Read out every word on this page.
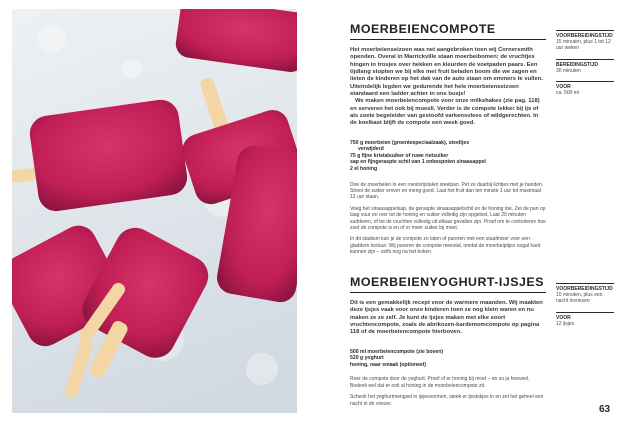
MOERBEIENCOMPOTE

Het moerbeienseizoen was net aangebroken toen wij Cornersmith openden. Overal in Marrickville staan moerbeibomen; de vruchtjes hingen in trosjes over hekken en kleurden de voetpaden paars. Een tijdlang stopten we bij elke met fruit beladen boom die we zagen en lieten de kinderen op het dak van de auto staan om emmers te vullen. Uiteindelijk legden we gedurende het hele moerbeienseizoen standaard een ladder achter in ons busje!

We maken moerbeiencompote voor onze milkshakes (zie pag. 118) en serveren het ook bij muesli. Verder is de compote lekker bij ijs of als zoete begeleider van gestoofd varkensvlees of wildgerechten. In de koelkast blijft de compote een week goed.

750 g moerbeien (groentespeciaalzaak), steeltjes
verwijderd
75 g fijne kristalsuiker of ruwe rietsuiker
sap en fijngeraspte schil van 1 onbespoten sinaasappel
2 el honing

Doe de moerbeien in een roestvrijstalen steelpan. Pet ze daarbij lichtjes met je handen. Strooi de suiker erover en meng goed. Laat het fruit dan ten minste 1 uur tot maximaal 12 uur staan.

Voeg het sinaasappelsap, de geraspte sinaasappelschil en de honing toe. Zet de pan op laag vuur en roer tot de honing en suiker volledig zijn opgelost. Laat 20 minuten sudderen, of tot de vruchten volledig uit elkaar gevallen zijn. Proef om te controleren hoe zoet de compote is en of er meer suiker bij moet.

In dit stadium kun je de compote zo laten of pureren met een staafmixer voor een gladdere textuur. Wij pureren de compote meestal, omdat de moerbeipitjes nogal hard kunnen zijn – zelfs nog na het koken.

VOORBEREIDINGSTIJD
15 minuten, plus 1 tot 12 uur weken
BEREIDINGSTIJD
30 minuten
VOOR
ca. 500 ml
MOERBEIENYOGHURT-IJSJES

Dit is een gemakkelijk recept voor de warmere maanden. Wij maakten deze ijsjes vaak voor onze kinderen toen ze nog klein waren en nu maken ze ze zelf. Je kunt de ijsjes maken met elke soort vruchtencompote, zoals de abrikozen-kardemomcompote op pagina 118 of de moerbeiencompote hierboven.

500 ml moerbeiencompote (zie boven)
520 g yoghurt
honing, naar smaak (optioneel)

Roer de compote door de yoghurt. Proef of er honing bij moet – en zo ja hoeveel. Bedenk wel dat er ook al honing in de moerbeiencompote zit.

Schenk het yoghurtmengsel in ijsjesvormen, steek er ijsstokjes in en zet het geheel een nacht in de vriezer.

VOORBEREIDINGSTIJD
10 minuten, plus een nacht invriezen
VOOR
12 ijsjes
63
